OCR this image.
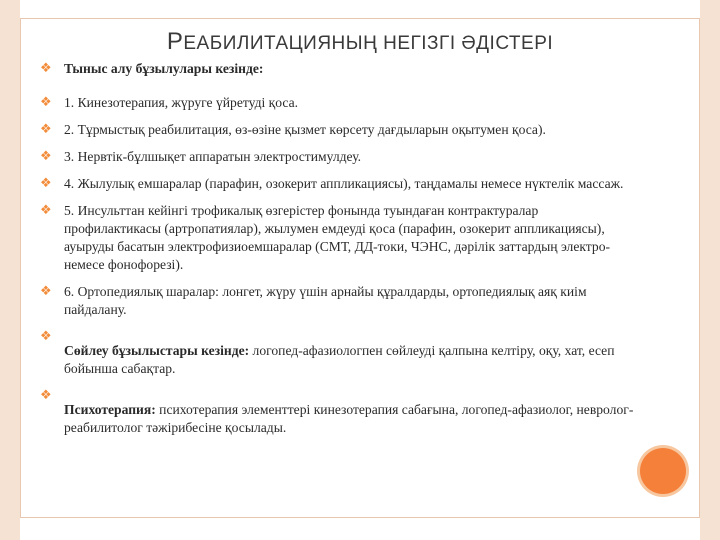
РЕАБИЛИТАЦИЯНЫҢ НЕГІЗГІ ӘДІСТЕРІ
❖ Тыныс алу бұзылулары кезінде:
❖ 1. Кинезотерапия, жүруге үйретуді қоса.
❖ 2. Тұрмыстық реабилитация, өз-өзіне қызмет көрсету дағдыларын оқытумен қоса).
❖ 3. Нервтік-бұлшықет аппаратын электростимулдеу.
❖ 4. Жылулық емшаралар (парафин, озокерит аппликациясы), таңдамалы немесе нүктелік массаж.
❖ 5. Инсульттан кейінгі трофикалық өзгерістер фонында туындаған контрактуралар профилактикасы (артропатиялар), жылумен емдеуді қоса (парафин, озокерит аппликациясы), ауыруды басатын электрофизиоемшаралар (СМТ, ДД-токи, ЧЭНС, дәрілік заттардың электро- немесе фонофорезі).
❖ 6. Ортопедиялық шаралар: лонгет, жүру үшін арнайы құралдарды, ортопедиялық аяқ киім пайдалану.
❖
Сөйлеу бұзылыстары кезінде: логопед-афазиологпен сөйлеуді қалпына келтіру, оқу, хат, есеп бойынша сабақтар.
❖
Психотерапия: психотерапия элементтері кинезотерапия сабағына, логопед-афазиолог, невролог-реабилитолог тәжірибесіне қосылады.
